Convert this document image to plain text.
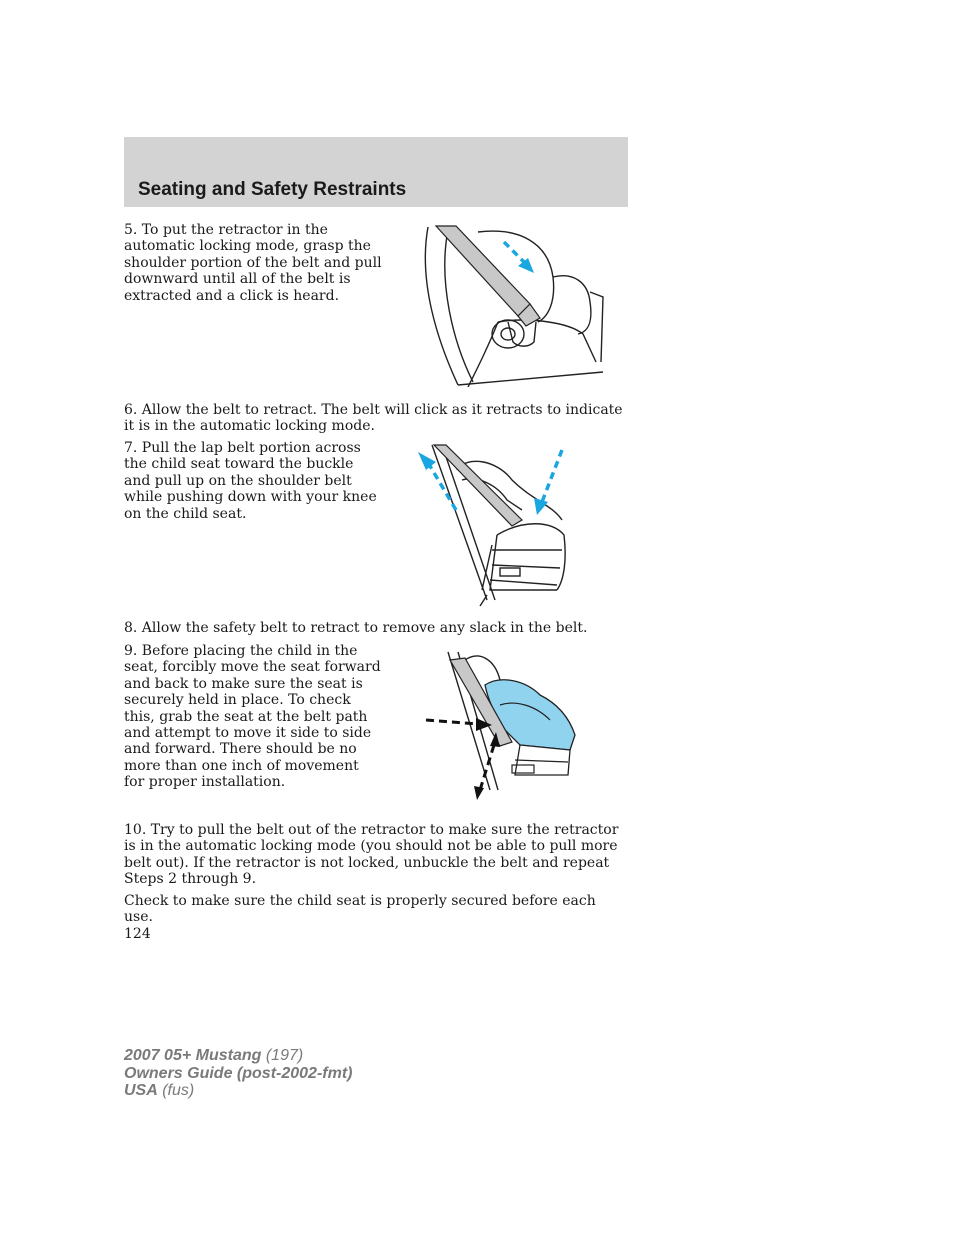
Seating and Safety Restraints

5. To put the retractor in the automatic locking mode, grasp the shoulder portion of the belt and pull downward until all of the belt is extracted and a click is heard.

6. Allow the belt to retract. The belt will click as it retracts to indicate it is in the automatic locking mode.

7. Pull the lap belt portion across the child seat toward the buckle and pull up on the shoulder belt while pushing down with your knee on the child seat.

8. Allow the safety belt to retract to remove any slack in the belt.

9. Before placing the child in the seat, forcibly move the seat forward and back to make sure the seat is securely held in place. To check this, grab the seat at the belt path and attempt to move it side to side and forward. There should be no more than one inch of movement for proper installation.

10. Try to pull the belt out of the retractor to make sure the retractor is in the automatic locking mode (you should not be able to pull more belt out). If the retractor is not locked, unbuckle the belt and repeat Steps 2 through 9.

Check to make sure the child seat is properly secured before each use.

124

2007 05+ Mustang (197)
Owners Guide (post-2002-fmt)
USA (fus)
